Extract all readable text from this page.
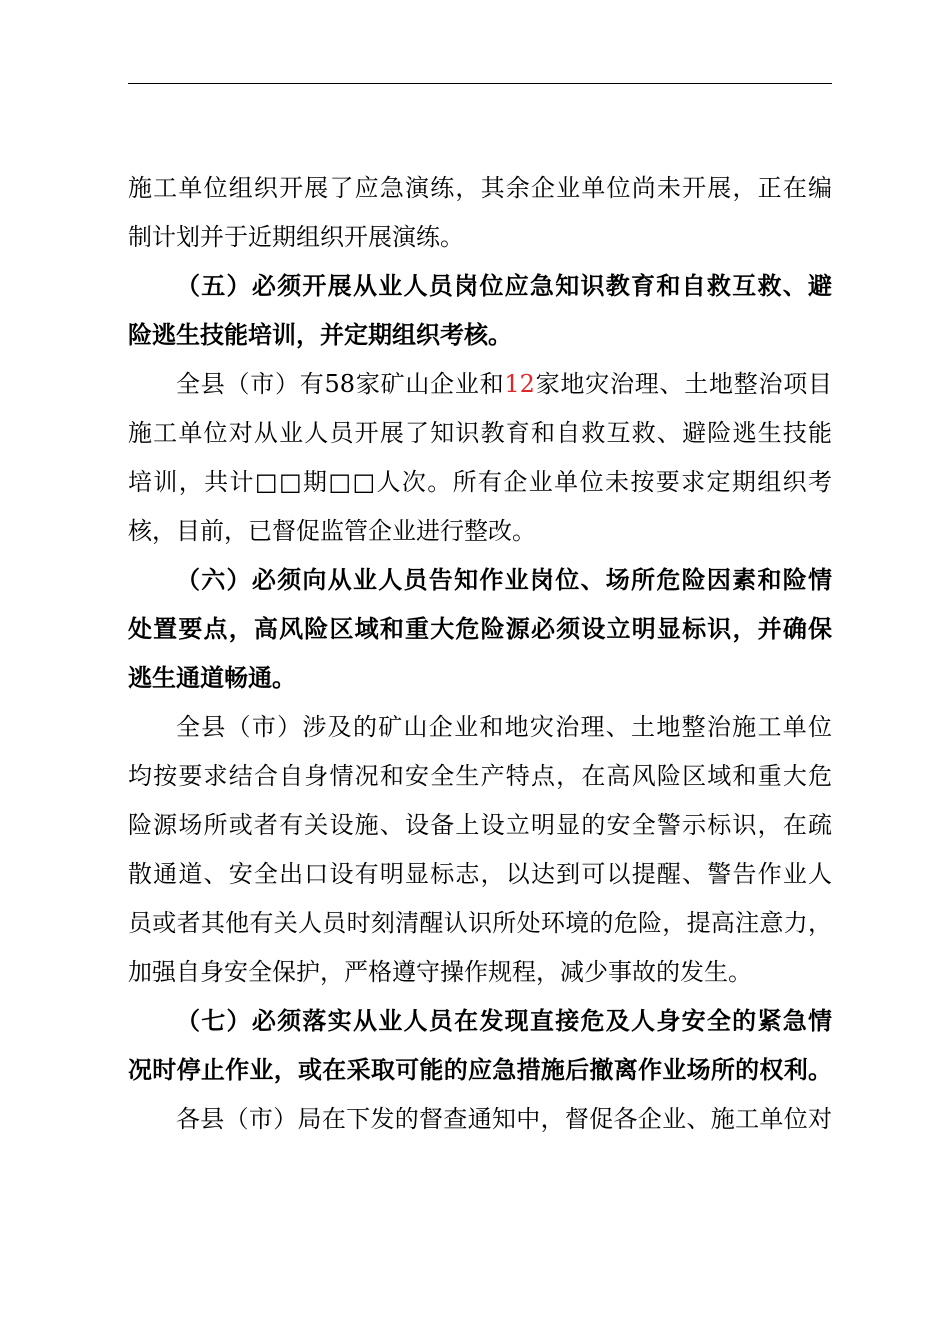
施工单位组织开展了应急演练，其余企业单位尚未开展，正在编
制计划并于近期组织开展演练。
（五）必须开展从业人员岗位应急知识教育和自救互救、避
险逃生技能培训，并定期组织考核。
全县（市）有58家矿山企业和12家地灾治理、土地整治项目
施工单位对从业人员开展了知识教育和自救互救、避险逃生技能
培训，共计□□期□□人次。所有企业单位未按要求定期组织考
核，目前，已督促监管企业进行整改。
（六）必须向从业人员告知作业岗位、场所危险因素和险情
处置要点，高风险区域和重大危险源必须设立明显标识，并确保
逃生通道畅通。
全县（市）涉及的矿山企业和地灾治理、土地整治施工单位
均按要求结合自身情况和安全生产特点，在高风险区域和重大危
险源场所或者有关设施、设备上设立明显的安全警示标识，在疏
散通道、安全出口设有明显标志，以达到可以提醒、警告作业人
员或者其他有关人员时刻清醒认识所处环境的危险，提高注意力，
加强自身安全保护，严格遵守操作规程，减少事故的发生。
（七）必须落实从业人员在发现直接危及人身安全的紧急情
况时停止作业，或在采取可能的应急措施后撤离作业场所的权利。
各县（市）局在下发的督查通知中，督促各企业、施工单位对
